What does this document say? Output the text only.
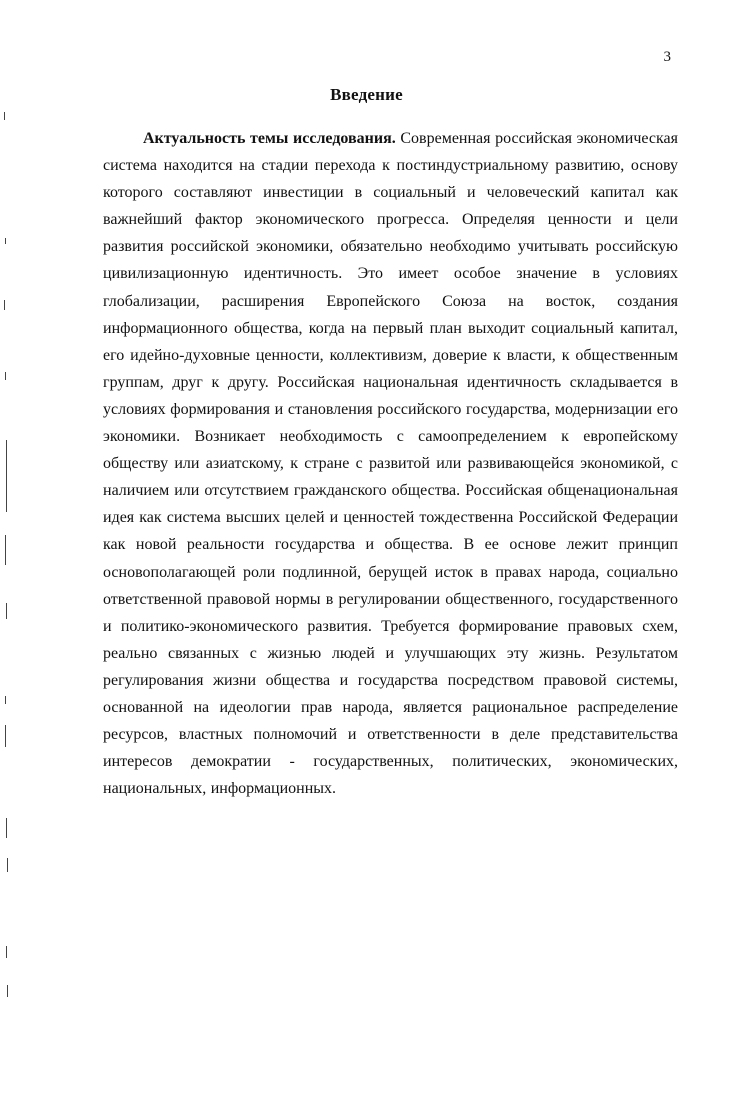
3
Введение

Актуальность темы исследования. Современная российская экономическая система находится на стадии перехода к постиндустриальному развитию, основу которого составляют инвестиции в социальный и человеческий капитал как важнейший фактор экономического прогресса. Определяя ценности и цели развития российской экономики, обязательно необходимо учитывать российскую цивилизационную идентичность. Это имеет особое значение в условиях глобализации, расширения Европейского Союза на восток, создания информационного общества, когда на первый план выходит социальный капитал, его идейно-духовные ценности, коллективизм, доверие к власти, к общественным группам, друг к другу. Российская национальная идентичность складывается в условиях формирования и становления российского государства, модернизации его экономики. Возникает необходимость с самоопределением к европейскому обществу или азиатскому, к стране с развитой или развивающейся экономикой, с наличием или отсутствием гражданского общества. Российская общенациональная идея как система высших целей и ценностей тождественна Российской Федерации как новой реальности государства и общества. В ее основе лежит принцип основополагающей роли подлинной, берущей исток в правах народа, социально ответственной правовой нормы в регулировании общественного, государственного и политико-экономического развития. Требуется формирование правовых схем, реально связанных с жизнью людей и улучшающих эту жизнь. Результатом регулирования жизни общества и государства посредством правовой системы, основанной на идеологии прав народа, является рациональное распределение ресурсов, властных полномочий и ответственности в деле представительства интересов демократии - государственных, политических, экономических, национальных, информационных.
